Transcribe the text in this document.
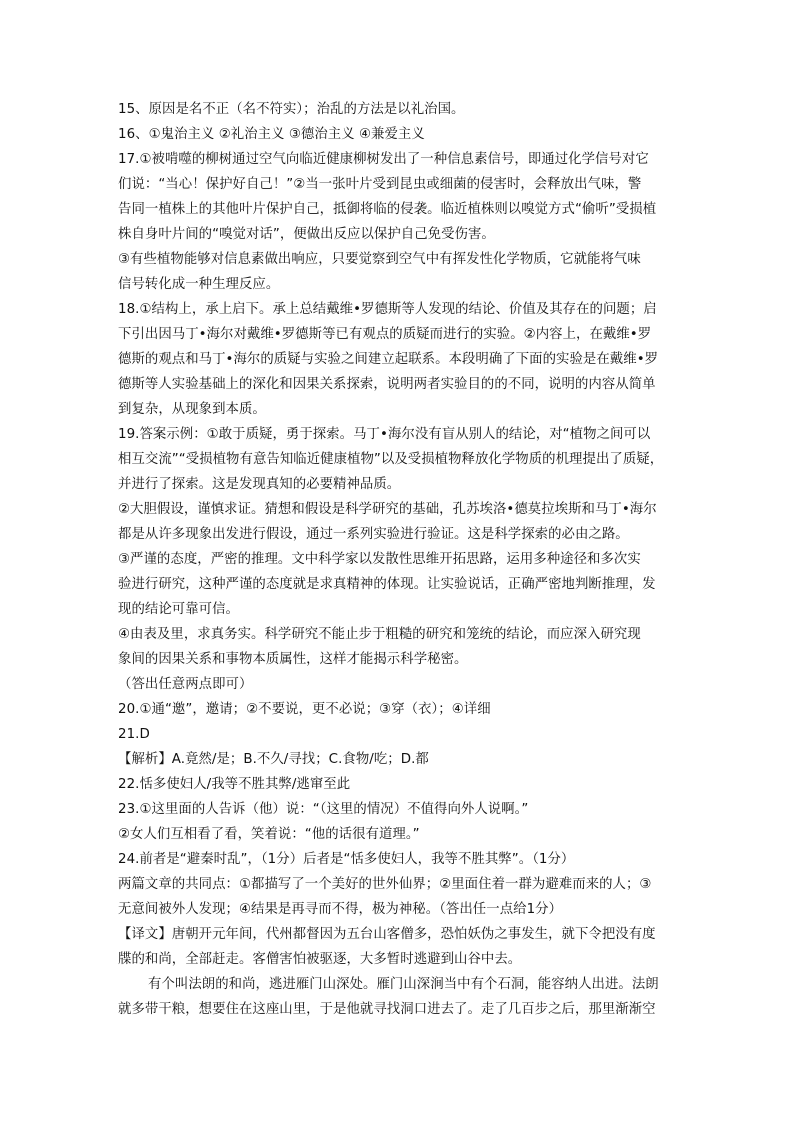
15、原因是名不正（名不符实）；治乱的方法是以礼治国。
16、①鬼治主义 ②礼治主义 ③德治主义 ④兼爱主义
17.①被啃噬的柳树通过空气向临近健康柳树发出了一种信息素信号，即通过化学信号对它
们说：“当心！保护好自己！”②当一张叶片受到昆虫或细菌的侵害时，会释放出气味，警
告同一植株上的其他叶片保护自己，抵御将临的侵袭。临近植株则以嗅觉方式“偷听”受损植
株自身叶片间的“嗅觉对话”，便做出反应以保护自己免受伤害。
③有些植物能够对信息素做出响应，只要觉察到空气中有挥发性化学物质，它就能将气味
信号转化成一种生理反应。
18.①结构上，承上启下。承上总结戴维•罗德斯等人发现的结论、价值及其存在的问题；启
下引出因马丁•海尔对戴维•罗德斯等已有观点的质疑而进行的实验。②内容上，在戴维•罗
德斯的观点和马丁•海尔的质疑与实验之间建立起联系。本段明确了下面的实验是在戴维•罗
德斯等人实验基础上的深化和因果关系探索，说明两者实验目的的不同，说明的内容从简单
到复杂，从现象到本质。
19.答案示例：①敢于质疑，勇于探索。马丁•海尔没有盲从别人的结论，对“植物之间可以
相互交流”“受损植物有意告知临近健康植物”以及受损植物释放化学物质的机理提出了质疑，
并进行了探索。这是发现真知的必要精神品质。
②大胆假设，谨慎求证。猜想和假设是科学研究的基础，孔苏埃洛•德莫拉埃斯和马丁•海尔
都是从许多现象出发进行假设，通过一系列实验进行验证。这是科学探索的必由之路。
③严谨的态度，严密的推理。文中科学家以发散性思维开拓思路，运用多种途径和多次实
验进行研究，这种严谨的态度就是求真精神的体现。让实验说话，正确严密地判断推理，发
现的结论可靠可信。
④由表及里，求真务实。科学研究不能止步于粗糙的研究和笼统的结论，而应深入研究现
象间的因果关系和事物本质属性，这样才能揭示科学秘密。
（答出任意两点即可）
20.①通“邀”，邀请；②不要说，更不必说；③穿（衣）；④详细
21.D
【解析】A.竟然/是；B.不久/寻找；C.食物/吃；D.都
22.恬多使妇人/我等不胜其弊/逃窜至此
23.①这里面的人告诉（他）说：“（这里的情况）不值得向外人说啊。”
②女人们互相看了看，笑着说：“他的话很有道理。”
24.前者是“避秦时乱”，（1分）后者是“恬多使妇人，我等不胜其弊”。（1分）
两篇文章的共同点：①都描写了一个美好的世外仙界；②里面住着一群为避难而来的人；③
无意间被外人发现；④结果是再寻而不得，极为神秘。（答出任一点给1分）
【译文】唐朝开元年间，代州都督因为五台山客僧多，恐怕妖伪之事发生，就下令把没有度
牒的和尚，全部赶走。客僧害怕被驱逐，大多暂时逃避到山谷中去。
有个叫法朗的和尚，逃进雁门山深处。雁门山深涧当中有个石洞，能容纳人出进。法朗
就多带干粮，想要住在这座山里，于是他就寻找洞口进去了。走了几百步之后，那里渐渐空
